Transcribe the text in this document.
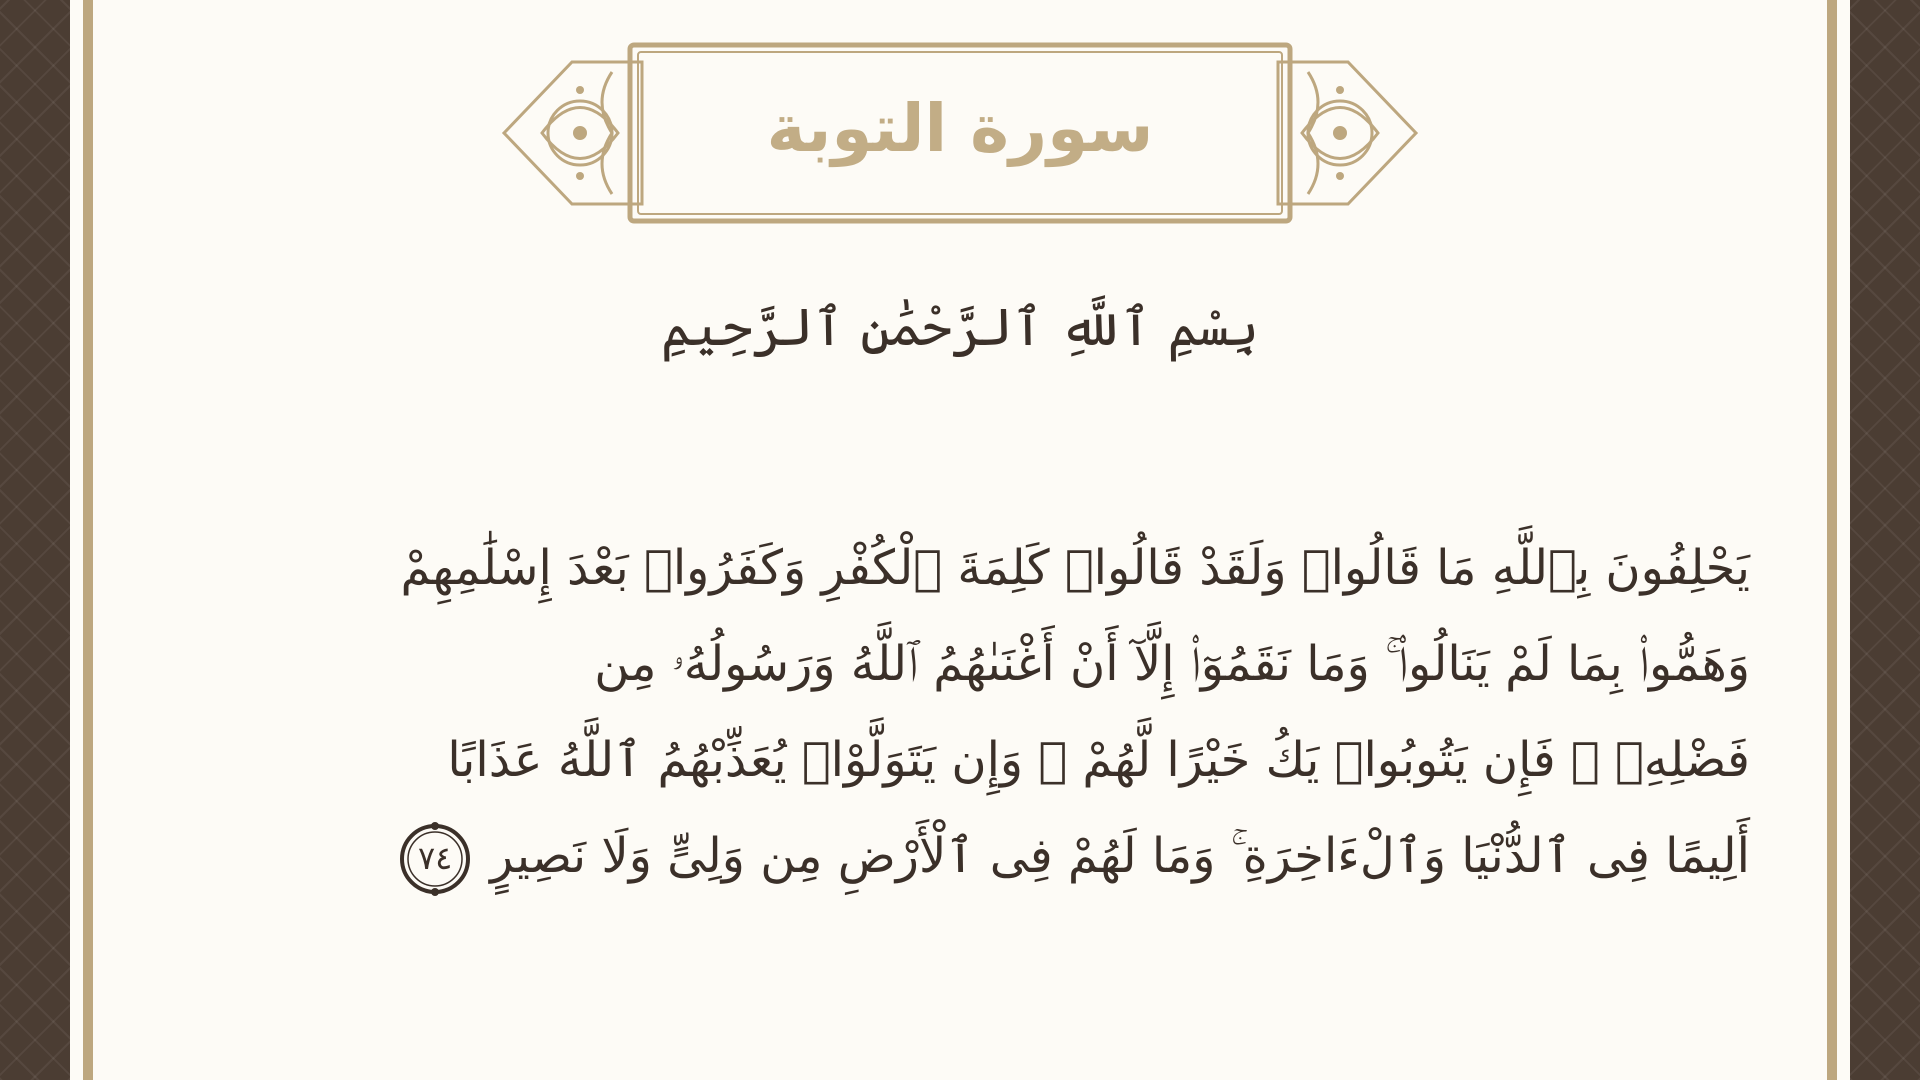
سورة التوبة
بِسْمِ ٱللَّهِ ٱلرَّحْمَٰنِ ٱلرَّحِيمِ
يَحْلِفُونَ بِٱللَّهِ مَا قَالُوا۟ وَلَقَدْ قَالُوا۟ كَلِمَةَ ٱلْكُفْرِ وَكَفَرُوا۟ بَعْدَ إِسْلَٰمِهِمْ
وَهَمُّوا۟ بِمَا لَمْ يَنَالُوا۟ ۚ وَمَا نَقَمُوٓا۟ إِلَّآ أَنْ أَغْنَىٰهُمُ ٱللَّهُ وَرَسُولُهُۥ مِن
فَضْلِهِۦ ۚ فَإِن يَتُوبُوا۟ يَكُ خَيْرًا لَّهُمْ ۖ وَإِن يَتَوَلَّوْا۟ يُعَذِّبْهُمُ ٱللَّهُ عَذَابًا
أَلِيمًا فِى ٱلدُّنْيَا وَٱلْءَاخِرَةِ ۚ وَمَا لَهُمْ فِى ٱلْأَرْضِ مِن وَلِىٍّ وَلَا نَصِيرٍ
٧٤
